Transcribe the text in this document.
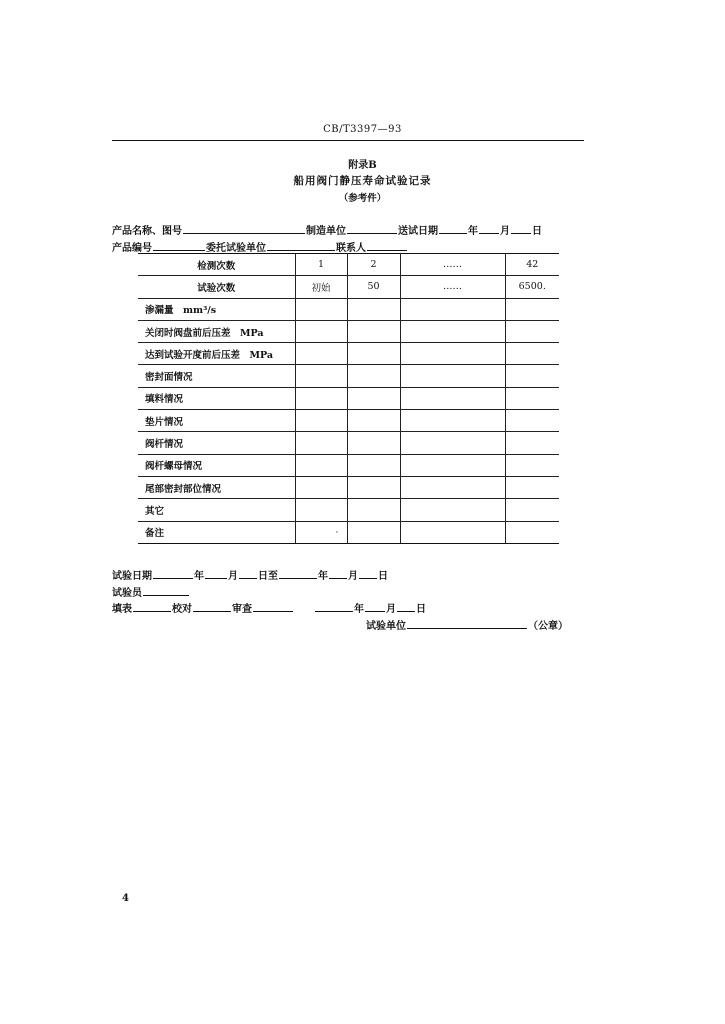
CB/T3397—93
附录B
船用阀门静压寿命试验记录
（参考件）
产品名称、图号	制造单位	送试日期	年 月 日
产品编号	委托试验单位	联系人
检测次数	1	2	……	42
试验次数	初始	50	……	6500.
渗漏量　mm³/s				
关闭时阀盘前后压差　MPa				
达到试验开度前后压差　MPa				
密封面情况				
填料情况				
垫片情况				
阀杆情况				
阀杆螺母情况				
尾部密封部位情况				
其它				
备注	·			
试验日期	年 月 日至	年 月 日
试验员
填表	校对	审查	年 月 日
试验单位	（公章）
4
